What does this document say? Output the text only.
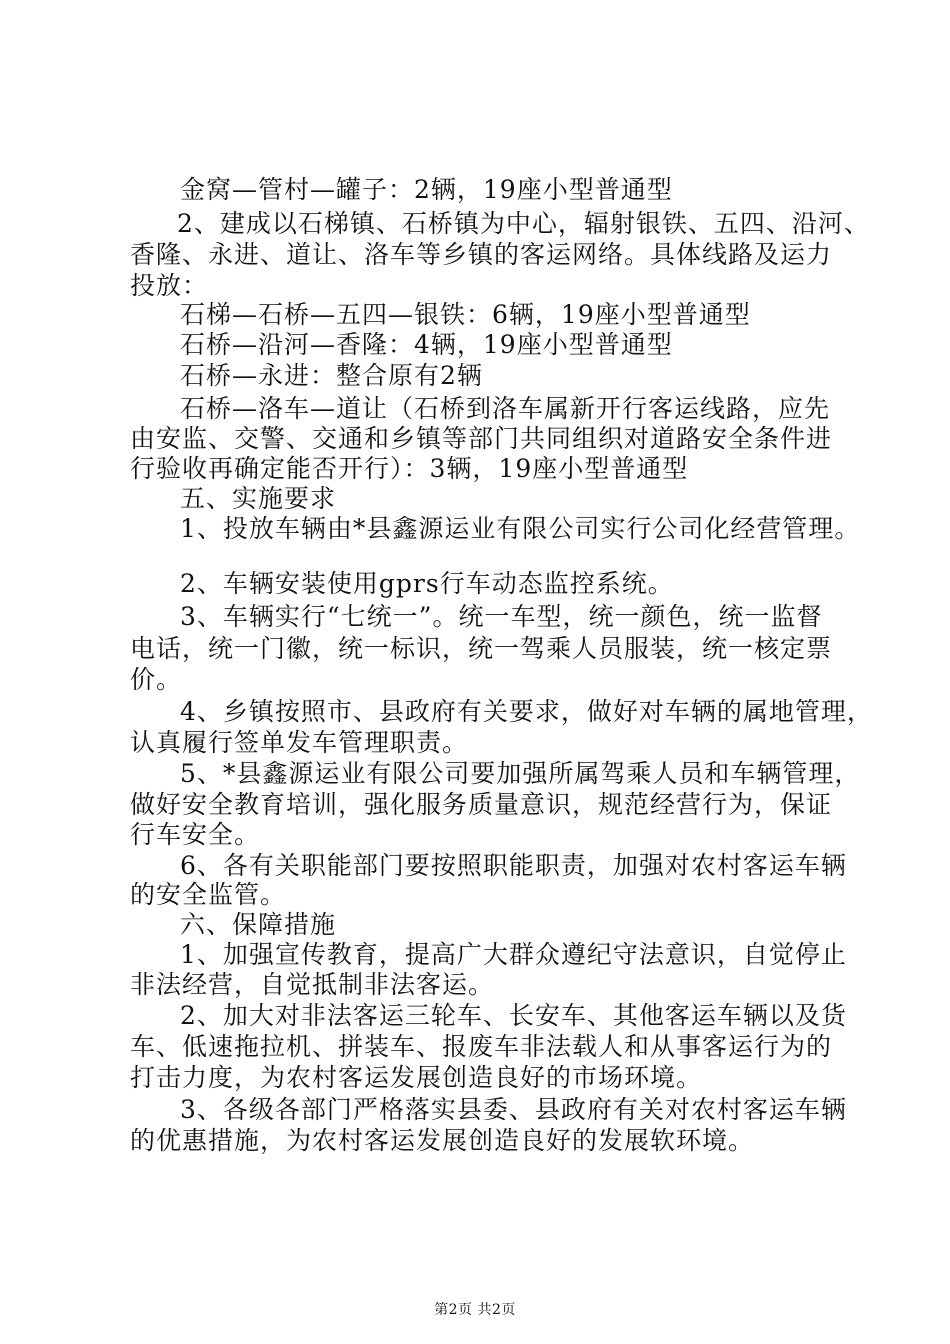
金窝—管村—罐子：2辆，19座小型普通型
2、建成以石梯镇、石桥镇为中心，辐射银铁、五四、沿河、
香隆、永进、道让、洛车等乡镇的客运网络。具体线路及运力
投放：
石梯—石桥—五四—银铁：6辆，19座小型普通型
石桥—沿河—香隆：4辆，19座小型普通型
石桥—永进：整合原有2辆
石桥—洛车—道让（石桥到洛车属新开行客运线路，应先
由安监、交警、交通和乡镇等部门共同组织对道路安全条件进
行验收再确定能否开行）：3辆，19座小型普通型
五、实施要求
1、投放车辆由*县鑫源运业有限公司实行公司化经营管理。
2、车辆安装使用gprs行车动态监控系统。
3、车辆实行“七统一”。统一车型，统一颜色，统一监督
电话，统一门徽，统一标识，统一驾乘人员服装，统一核定票
价。
4、乡镇按照市、县政府有关要求，做好对车辆的属地管理，
认真履行签单发车管理职责。
5、*县鑫源运业有限公司要加强所属驾乘人员和车辆管理，
做好安全教育培训，强化服务质量意识，规范经营行为，保证
行车安全。
6、各有关职能部门要按照职能职责，加强对农村客运车辆
的安全监管。
六、保障措施
1、加强宣传教育，提高广大群众遵纪守法意识，自觉停止
非法经营，自觉抵制非法客运。
2、加大对非法客运三轮车、长安车、其他客运车辆以及货
车、低速拖拉机、拼装车、报废车非法载人和从事客运行为的
打击力度，为农村客运发展创造良好的市场环境。
3、各级各部门严格落实县委、县政府有关对农村客运车辆
的优惠措施，为农村客运发展创造良好的发展软环境。
第2页 共2页
